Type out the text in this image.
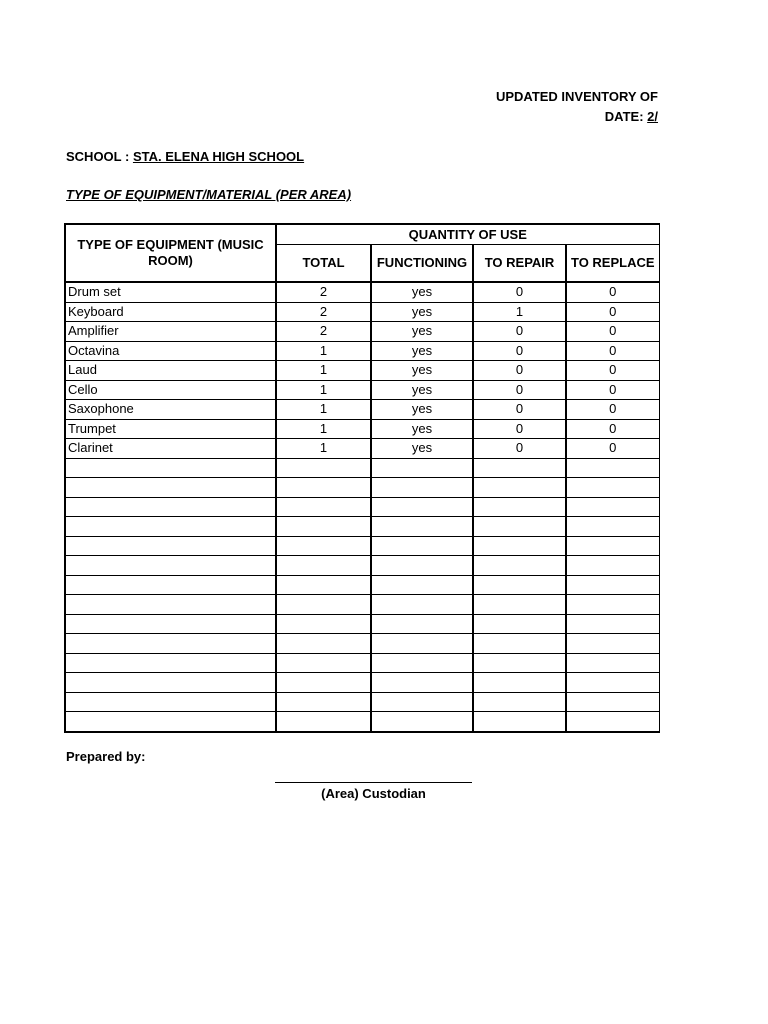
UPDATED INVENTORY OF
DATE: 2/
SCHOOL : STA. ELENA HIGH SCHOOL
TYPE OF EQUIPMENT/MATERIAL (PER AREA)
TYPE OF EQUIPMENT (MUSIC ROOM)	QUANTITY OF USE			
	TOTAL	FUNCTIONING	TO REPAIR	TO REPLACE
Drum set	2	yes	0	0
Keyboard	2	yes	1	0
Amplifier	2	yes	0	0
Octavina	1	yes	0	0
Laud	1	yes	0	0
Cello	1	yes	0	0
Saxophone	1	yes	0	0
Trumpet	1	yes	0	0
Clarinet	1	yes	0	0

Prepared by:
(Area) Custodian
